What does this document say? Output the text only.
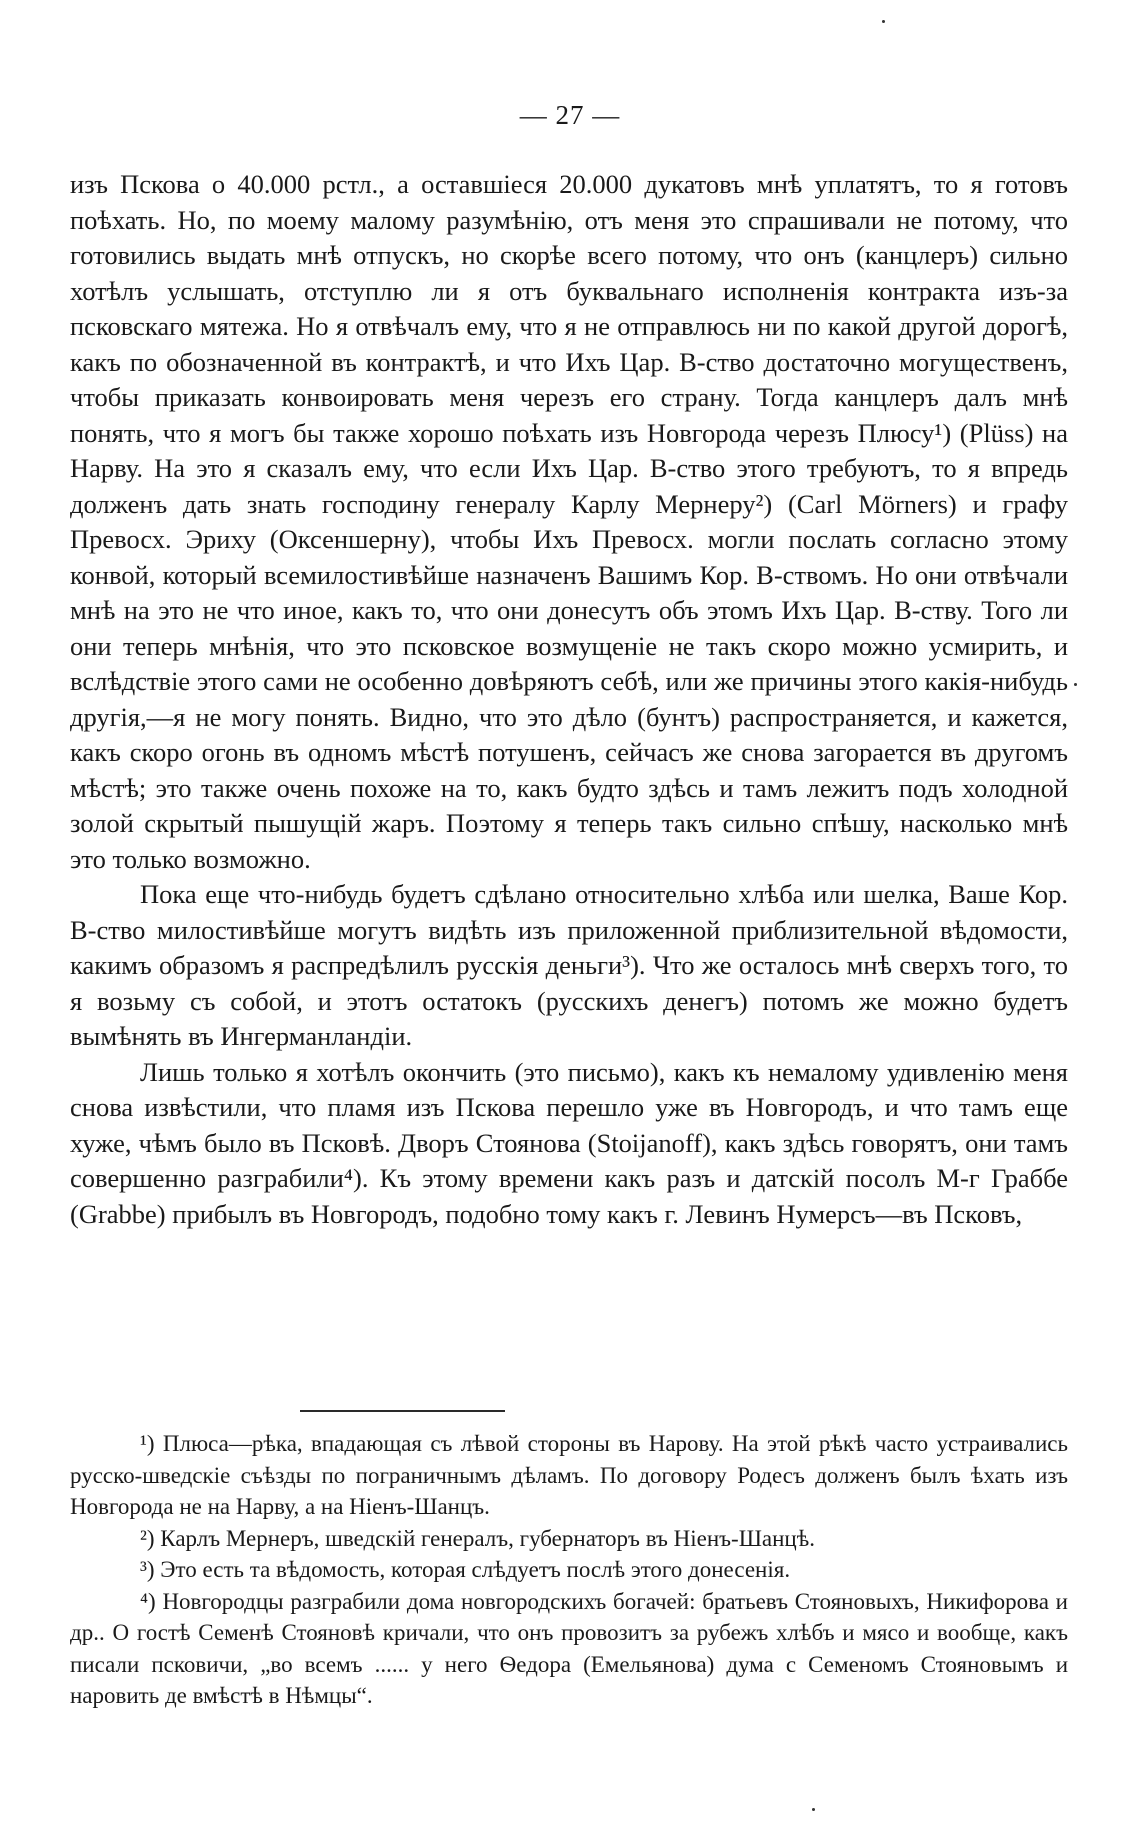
— 27 —

изъ Пскова о 40.000 рстл., а оставшіеся 20.000 дукатовъ мнѣ уплатятъ, то я готовъ поѣхать. Но, по моему малому разумѣнію, отъ меня это спрашивали не потому, что готовились выдать мнѣ отпускъ, но скорѣе всего потому, что онъ (канцлеръ) сильно хотѣлъ услышать, отступлю ли я отъ буквальнаго исполненія контракта изъ-за псковскаго мятежа. Но я отвѣчалъ ему, что я не отправлюсь ни по какой другой дорогѣ, какъ по обозначенной въ контрактѣ, и что Ихъ Цар. В-ство достаточно могущественъ, чтобы приказать конвоировать меня черезъ его страну. Тогда канцлеръ далъ мнѣ понять, что я могъ бы также хорошо поѣхать изъ Новгорода черезъ Плюсу¹) (Plüss) на Нарву. На это я сказалъ ему, что если Ихъ Цар. В-ство этого требуютъ, то я впредь долженъ дать знать господину генералу Карлу Мернеру²) (Carl Mörners) и графу Превосх. Эриху (Оксеншерну), чтобы Ихъ Превосх. могли послать согласно этому конвой, который всемилостивѣйше назначенъ Вашимъ Кор. В-ствомъ. Но они отвѣчали мнѣ на это не что иное, какъ то, что они донесутъ объ этомъ Ихъ Цар. В-ству. Того ли они теперь мнѣнія, что это псковское возмущеніе не такъ скоро можно усмирить, и вслѣдствіе этого сами не особенно довѣряютъ себѣ, или же причины этого какія-нибудь другія,—я не могу понять. Видно, что это дѣло (бунтъ) распространяется, и кажется, какъ скоро огонь въ одномъ мѣстѣ потушенъ, сейчасъ же снова загорается въ другомъ мѣстѣ; это также очень похоже на то, какъ будто здѣсь и тамъ лежитъ подъ холодной золой скрытый пышущій жаръ. Поэтому я теперь такъ сильно спѣшу, насколько мнѣ это только возможно.

Пока еще что-нибудь будетъ сдѣлано относительно хлѣба или шелка, Ваше Кор. В-ство милостивѣйше могутъ видѣть изъ приложенной приблизительной вѣдомости, какимъ образомъ я распредѣлилъ русскія деньги³). Что же осталось мнѣ сверхъ того, то я возьму съ собой, и этотъ остатокъ (русскихъ денегъ) потомъ же можно будетъ вымѣнять въ Ингерманландіи.

Лишь только я хотѣлъ окончить (это письмо), какъ къ немалому удивленію меня снова извѣстили, что пламя изъ Пскова перешло уже въ Новгородъ, и что тамъ еще хуже, чѣмъ было въ Псковѣ. Дворъ Стоянова (Stoijanoff), какъ здѣсь говорятъ, они тамъ совершенно разграбили⁴). Къ этому времени какъ разъ и датскій посолъ М-г Граббе (Grabbe) прибылъ въ Новгородъ, подобно тому какъ г. Левинъ Нумерсъ—въ Псковъ,

¹) Плюса—рѣка, впадающая съ лѣвой стороны въ Нарову. На этой рѣкѣ часто устраивались русско-шведскіе съѣзды по пограничнымъ дѣламъ. По договору Родесъ долженъ былъ ѣхать изъ Новгорода не на Нарву, а на Ніенъ-Шанцъ.

²) Карлъ Мернеръ, шведскій генералъ, губернаторъ въ Ніенъ-Шанцѣ.

³) Это есть та вѣдомость, которая слѣдуетъ послѣ этого донесенія.

⁴) Новгородцы разграбили дома новгородскихъ богачей: братьевъ Стояновыхъ, Никифорова и др.. О гостѣ Семенѣ Стояновѣ кричали, что онъ провозитъ за рубежъ хлѣбъ и мясо и вообще, какъ писали псковичи, „во всемъ ...... у него Ѳедора (Емельянова) дума с Семеномъ Стояновымъ и наровить де вмѣстѣ в Нѣмцы“.
